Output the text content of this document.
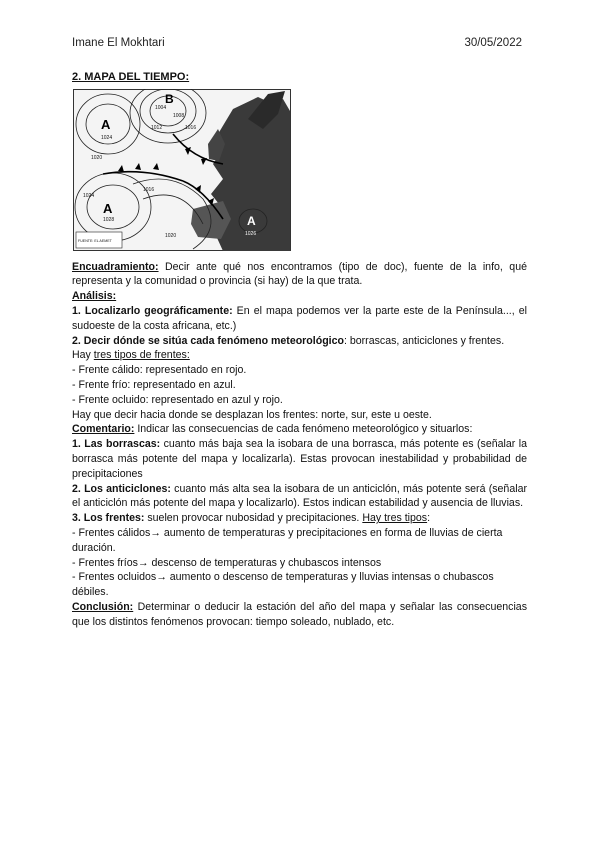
Imane El Mokhtari	30/05/2022
2. MAPA DEL TIEMPO:
A
B
A
A
1024
1020
1016
1012
1008
1004
1028
1024
1016
1020	1026
FUENTE: EL AEMET

Encuadramiento: Decir ante qué nos encontramos (tipo de doc), fuente de la info, qué representa y la comunidad o provincia (si hay) de la que trata.

Análisis:

1. Localizarlo geográficamente: En el mapa podemos ver la parte este de la Península..., el sudoeste de la costa africana, etc.)

2. Decir dónde se sitúa cada fenómeno meteorológico: borrascas, anticiclones y frentes.

Hay tres tipos de frentes:

- Frente cálido: representado en rojo.

- Frente frío: representado en azul.

- Frente ocluido: representado en azul y rojo.

Hay que decir hacia donde se desplazan los frentes: norte, sur, este u oeste.

Comentario: Indicar las consecuencias de cada fenómeno meteorológico y situarlos:

1. Las borrascas: cuanto más baja sea la isobara de una borrasca, más potente es (señalar la borrasca más potente del mapa y localizarla). Estas provocan inestabilidad y probabilidad de precipitaciones

2. Los anticiclones: cuanto más alta sea la isobara de un anticiclón, más potente será (señalar el anticiclón más potente del mapa y localizarlo). Estos indican estabilidad y ausencia de lluvias.

3. Los frentes: suelen provocar nubosidad y precipitaciones. Hay tres tipos:

- Frentes cálidos→ aumento de temperaturas y precipitaciones en forma de lluvias de cierta duración.

- Frentes fríos→ descenso de temperaturas y chubascos intensos

- Frentes ocluidos→ aumento o descenso de temperaturas y lluvias intensas o chubascos débiles.

Conclusión: Determinar o deducir la estación del año del mapa y señalar las consecuencias que los distintos fenómenos provocan: tiempo soleado, nublado, etc.
